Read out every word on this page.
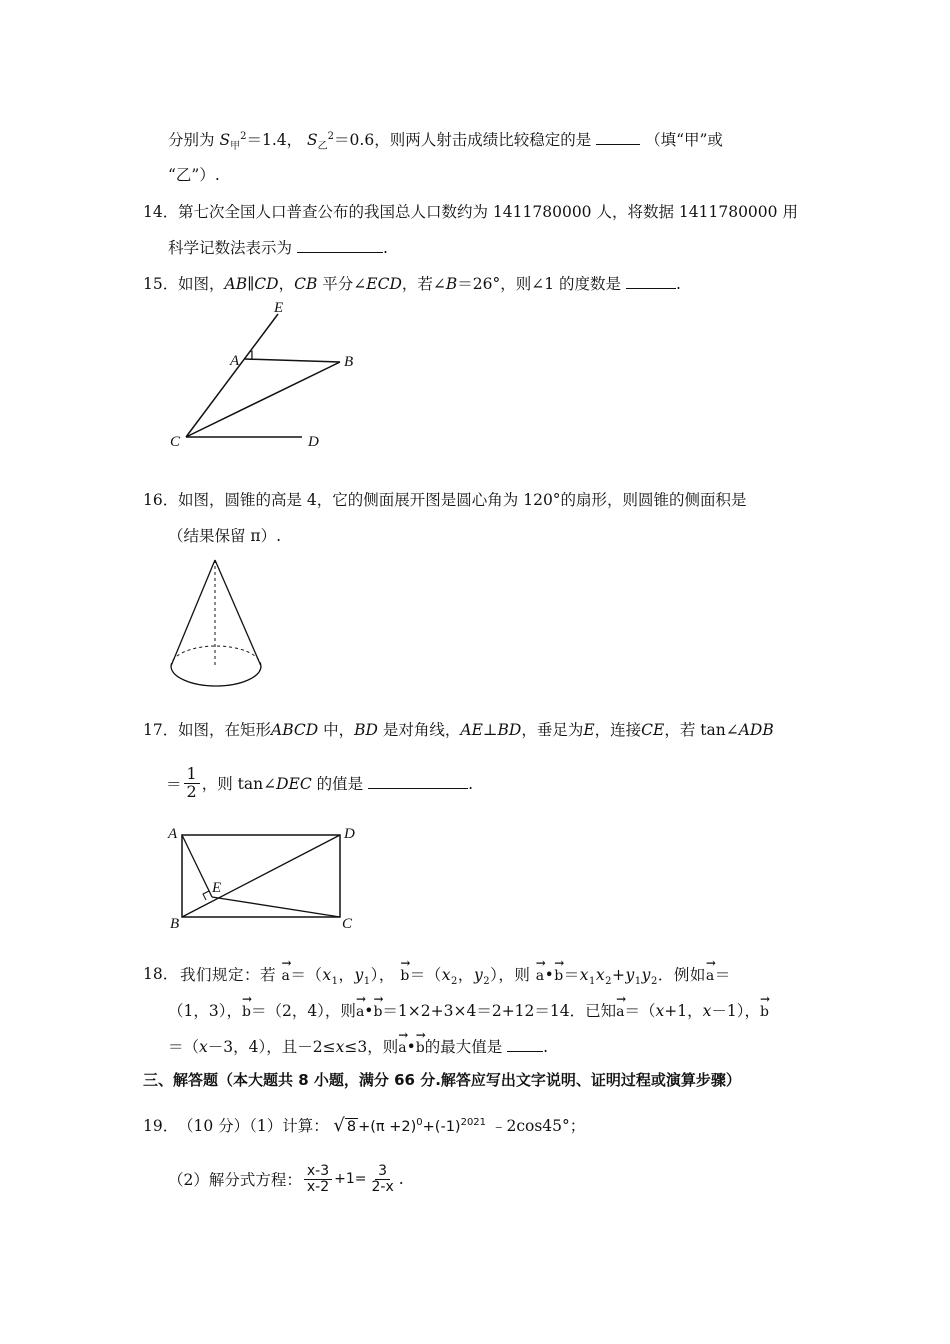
分别为 $S_甲^2=1.4$， $S_乙^2=0.6$，则两人射击成绩比较稳定的是	（填“甲”或
“乙”）.
14． 第七次全国人口普查公布的我国总人口数约为 1411780000 人，将数据 1411780000 用
科学记数法表示为	.
15． 如图，AB∥CD，CB 平分∠ECD，若∠B＝26°，则∠1 的度数是	.
E
A 1	B
C	D
16． 如图，圆锥的高是 4，它的侧面展开图是圆心角为 120°的扇形，则圆锥的侧面积是
（结果保留 π）.
17． 如图，在矩形ABCD 中，BD 是对角线，AE⊥BD，垂足为E，连接CE，若 tan∠ADB
＝ $\frac{1}{2}$ ，则 tan∠DEC 的值是	.
A	D
E
B	C
18． 我们规定：若 → $a=(x_1$，$y_1$）， → $b=(x_2$，$y_2$），则 → a•→ $b=x_1x_2+y_1y_2$．例如→ a＝
（1，3），→ b＝（2，4），则→ a•→ b＝1×2+3×4＝2+12＝14．已知→ a＝（x+1，x－1），→ b
＝（x－3，4），且－2≤x≤3，则→ a•→ b的最大值是	.
三、解答题（本大题共 8 小题，满分 66 分.解答应写出文字说明、证明过程或演算步骤）
19． （10 分）（1）计算： √ $8 +(\pi +2)^0+(-1)^{2021}$ ﹣2cos45°；
（2）解分式方程： $\frac{x-3}{x-2} +1= \frac{3}{2-x}$ .
